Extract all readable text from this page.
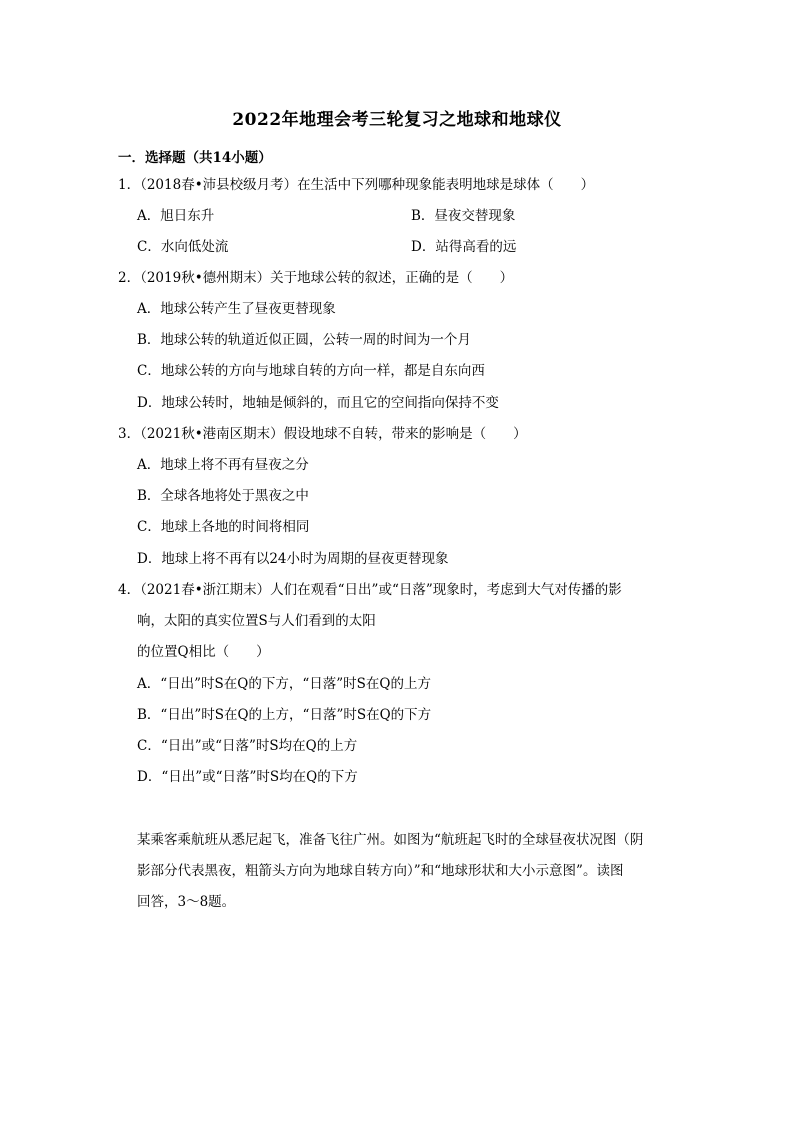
2022年地理会考三轮复习之地球和地球仪
一．选择题（共14小题）
1．（2018春•沛县校级月考）在生活中下列哪种现象能表明地球是球体（　　）
A．旭日东升	B．昼夜交替现象
C．水向低处流	D．站得高看的远
2．（2019秋•德州期末）关于地球公转的叙述，正确的是（　　）
A．地球公转产生了昼夜更替现象
B．地球公转的轨道近似正圆，公转一周的时间为一个月
C．地球公转的方向与地球自转的方向一样，都是自东向西
D．地球公转时，地轴是倾斜的，而且它的空间指向保持不变
3．（2021秋•港南区期末）假设地球不自转，带来的影响是（　　）
A．地球上将不再有昼夜之分
B．全球各地将处于黑夜之中
C．地球上各地的时间将相同
D．地球上将不再有以24小时为周期的昼夜更替现象
4．（2021春•浙江期末）人们在观看“日出”或“日落”现象时，考虑到大气对传播的影
响，太阳的真实位置S与人们看到的太阳
的位置Q相比（　　）
A．“日出”时S在Q的下方，“日落”时S在Q的上方
B．“日出”时S在Q的上方，“日落”时S在Q的下方
C．“日出”或“日落”时S均在Q的上方
D．“日出”或“日落”时S均在Q的下方
某乘客乘航班从悉尼起飞，准备飞往广州。如图为“航班起飞时的全球昼夜状况图（阴
影部分代表黑夜，粗箭头方向为地球自转方向）”和“地球形状和大小示意图”。读图
回答，3～8题。
